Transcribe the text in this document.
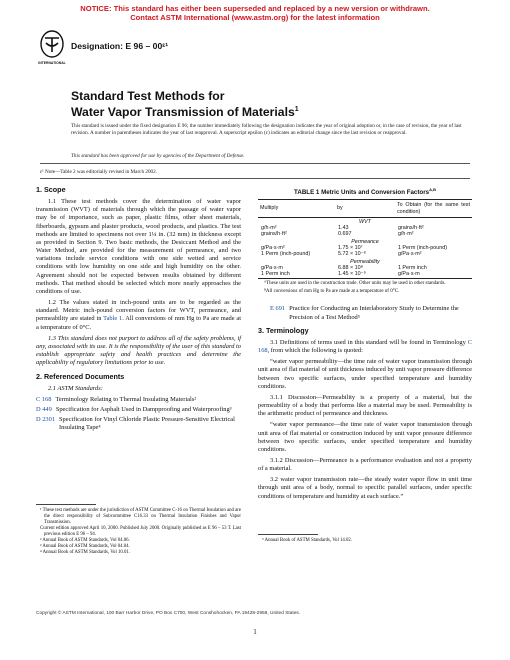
NOTICE: This standard has either been superseded and replaced by a new version or withdrawn.
Contact ASTM International (www.astm.org) for the latest information
INTERNATIONAL
Designation: E 96 – 00ᵋ¹
Standard Test Methods for
Water Vapor Transmission of Materials$^1$
This standard is issued under the fixed designation E 96; the number immediately following the designation indicates the year of original adoption or, in the case of revision, the year of last revision. A number in parentheses indicates the year of last reapproval. A superscript epsilon (ε) indicates an editorial change since the last revision or reapproval.
This standard has been approved for use by agencies of the Department of Defense.
ε¹ Note—Table 2 was editorially revised in March 2002.
1. Scope

1.1 These test methods cover the determination of water vapor transmission (WVT) of materials through which the passage of water vapor may be of importance, such as paper, plastic films, other sheet materials, fiberboards, gypsum and plaster products, wood products, and plastics. The test methods are limited to specimens not over 1¼ in. (32 mm) in thickness except as provided in Section 9. Two basic methods, the Desiccant Method and the Water Method, are provided for the measurement of permeance, and two variations include service conditions with one side wetted and service conditions with low humidity on one side and high humidity on the other. Agreement should not be expected between results obtained by different methods. That method should be selected which more nearly approaches the conditions of use.

1.2 The values stated in inch-pound units are to be regarded as the standard. Metric inch-pound conversion factors for WVT, permeance, and permeability are stated in Table 1. All conversions of mm Hg to Pa are made at a temperature of 0°C.

1.3 This standard does not purport to address all of the safety problems, if any, associated with its use. It is the responsibility of the user of this standard to establish appropriate safety and health practices and determine the applicability of regulatory limitations prior to use.

2. Referenced Documents
2.1 ASTM Standards:
C 168 Terminology Relating to Thermal Insulating Materials²
D 449 Specification for Asphalt Used in Dampproofing and Waterproofing³
D 2301 Specification for Vinyl Chloride Plastic Pressure-Sensitive Electrical Insulating Tape⁴
¹ These test methods are under the jurisdiction of ASTM Committee C-16 on Thermal Insulation and are the direct responsibility of Subcommittee C16.33 on Thermal Insulation Finishes and Vapor Transmission.
Current edition approved April 10, 2000. Published July 2000. Originally published as E 96 – 53 T. Last previous edition E 96 – 94.
² Annual Book of ASTM Standards, Vol 04.06.
³ Annual Book of ASTM Standards, Vol 04.04.
⁴ Annual Book of ASTM Standards, Vol 10.01.
TABLE 1 Metric Units and Conversion Factors$^{A,B}$
Multiply	by	To Obtain (for the same test condition)
	WVT	
g/h·m²	1.43	grains/h·ft²
grains/h·ft²	0.697	g/h·m²
	Permeance	
g/Pa·s·m²	1.75 × 10⁷	1 Perm (inch-pound)
1 Perm (inch-pound)	5.72 × 10⁻⁸	g/Pa·s·m²
	Permeability	
g/Pa·s·m	6.88 × 10⁸	1 Perm inch
1 Perm inch	1.45 × 10⁻⁹	g/Pa·s·m
ᴬThese units are used in the construction trade. Other units may be used in other standards.
ᴮAll conversions of mm Hg to Pa are made at a temperature of 0°C.
E 691 Practice for Conducting an Interlaboratory Study to Determine the Precision of a Test Method⁵
3. Terminology

3.1 Definitions of terms used in this standard will be found in Terminology C 168, from which the following is quoted:

“water vapor permeability—the time rate of water vapor transmission through unit area of flat material of unit thickness induced by unit vapor pressure difference between two specific surfaces, under specified temperature and humidity conditions.

3.1.1 Discussion—Permeability is a property of a material, but the permeability of a body that performs like a material may be used. Permeability is the arithmetic product of permeance and thickness.

“water vapor permeance—the time rate of water vapor transmission through unit area of flat material or construction induced by unit vapor pressure difference between two specific surfaces, under specified temperature and humidity conditions.

3.1.2 Discussion—Permeance is a performance evaluation and not a property of a material.

3.2 water vapor transmission rate—the steady water vapor flow in unit time through unit area of a body, normal to specific parallel surfaces, under specific conditions of temperature and humidity at each surface.”

⁵ Annual Book of ASTM Standards, Vol 14.02.
Copyright © ASTM International, 100 Barr Harbor Drive, PO Box C700, West Conshohocken, PA 19428-2959, United States.
1
